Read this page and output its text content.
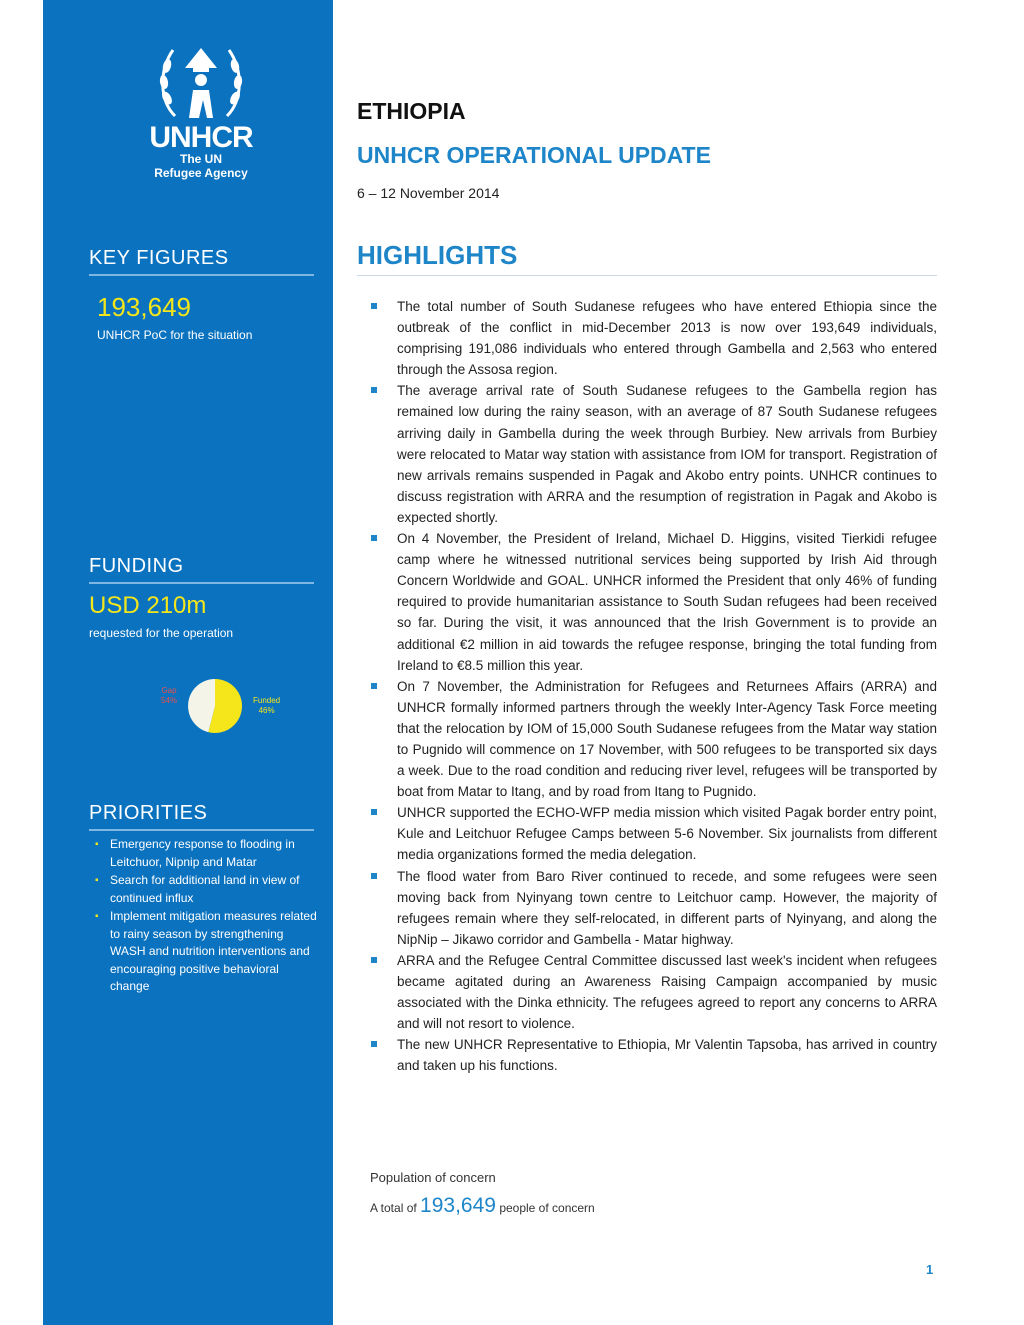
UNHCR
The UN
Refugee Agency
KEY FIGURES
193,649
UNHCR PoC for the situation
FUNDING
USD 210m
requested for the operation
Gap
54%	Funded
46%
PRIORITIES
▪ Emergency response to flooding in Leitchuor, Nipnip and Matar
▪ Search for additional land in view of continued influx
▪ Implement mitigation measures related to rainy season by strengthening WASH and nutrition interventions and encouraging positive behavioral change
ETHIOPIA
UNHCR OPERATIONAL UPDATE
6 – 12 November 2014
HIGHLIGHTS
The total number of South Sudanese refugees who have entered Ethiopia since the outbreak of the conflict in mid-December 2013 is now over 193,649 individuals, comprising 191,086 individuals who entered through Gambella and 2,563 who entered through the Assosa region.
The average arrival rate of South Sudanese refugees to the Gambella region has remained low during the rainy season, with an average of 87 South Sudanese refugees arriving daily in Gambella during the week through Burbiey. New arrivals from Burbiey were relocated to Matar way station with assistance from IOM for transport. Registration of new arrivals remains suspended in Pagak and Akobo entry points. UNHCR continues to discuss registration with ARRA and the resumption of registration in Pagak and Akobo is expected shortly.
On 4 November, the President of Ireland, Michael D. Higgins, visited Tierkidi refugee camp where he witnessed nutritional services being supported by Irish Aid through Concern Worldwide and GOAL. UNHCR informed the President that only 46% of funding required to provide humanitarian assistance to South Sudan refugees had been received so far. During the visit, it was announced that the Irish Government is to provide an additional €2 million in aid towards the refugee response, bringing the total funding from Ireland to €8.5 million this year.
On 7 November, the Administration for Refugees and Returnees Affairs (ARRA) and UNHCR formally informed partners through the weekly Inter-Agency Task Force meeting that the relocation by IOM of 15,000 South Sudanese refugees from the Matar way station to Pugnido will commence on 17 November, with 500 refugees to be transported six days a week. Due to the road condition and reducing river level, refugees will be transported by boat from Matar to Itang, and by road from Itang to Pugnido.
UNHCR supported the ECHO-WFP media mission which visited Pagak border entry point, Kule and Leitchuor Refugee Camps between 5-6 November. Six journalists from different media organizations formed the media delegation.
The flood water from Baro River continued to recede, and some refugees were seen moving back from Nyinyang town centre to Leitchuor camp. However, the majority of refugees remain where they self-relocated, in different parts of Nyinyang, and along the NipNip – Jikawo corridor and Gambella - Matar highway.
ARRA and the Refugee Central Committee discussed last week's incident when refugees became agitated during an Awareness Raising Campaign accompanied by music associated with the Dinka ethnicity. The refugees agreed to report any concerns to ARRA and will not resort to violence.
The new UNHCR Representative to Ethiopia, Mr Valentin Tapsoba, has arrived in country and taken up his functions.
Population of concern
A total of 193,649 people of concern
1
